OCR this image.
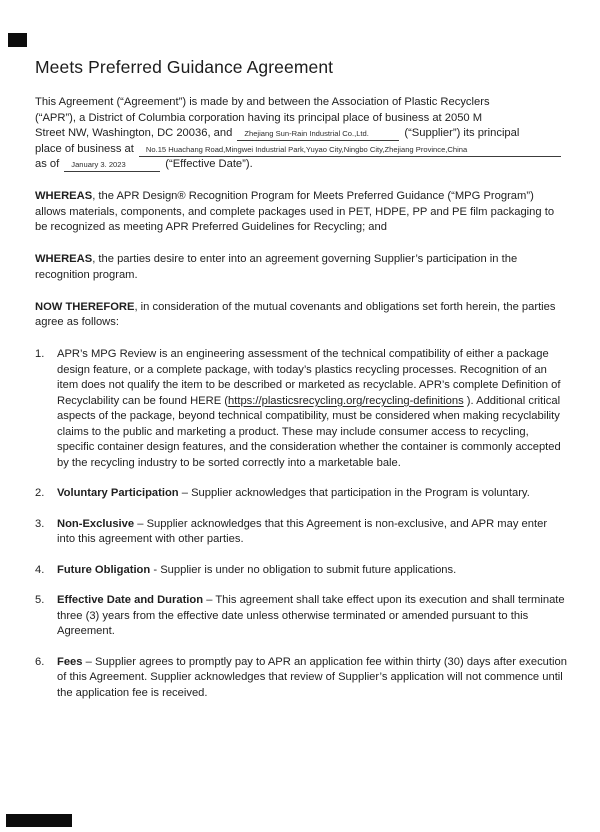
Meets Preferred Guidance Agreement

This Agreement (“Agreement”) is made by and between the Association of Plastic Recyclers
(“APR”), a District of Columbia corporation having its principal place of business at 2050 M
Street NW, Washington, DC 20036, and Zhejiang Sun-Rain Industrial Co.,Ltd.	(“Supplier”) its principal
place of business at	No.15 Huachang Road,Mingwei Industrial Park,Yuyao City,Ningbo City,Zhejiang Province,China
as of	January 3. 2023	(“Effective Date”).

WHEREAS, the APR Design® Recognition Program for Meets Preferred Guidance (“MPG Program”) allows materials, components, and complete packages used in PET, HDPE, PP and PE film packaging to be recognized as meeting APR Preferred Guidelines for Recycling; and

WHEREAS, the parties desire to enter into an agreement governing Supplier’s participation in the recognition program.

NOW THEREFORE, in consideration of the mutual covenants and obligations set forth herein, the parties agree as follows:

1.	APR’s MPG Review is an engineering assessment of the technical compatibility of either a package design feature, or a complete package, with today’s plastics recycling processes. Recognition of an item does not qualify the item to be described or marketed as recyclable. APR’s complete Definition of Recyclability can be found HERE (https://plasticsrecycling.org/recycling-definitions ). Additional critical aspects of the package, beyond technical compatibility, must be considered when making recyclability claims to the public and marketing a product. These may include consumer access to recycling, specific container design features, and the consideration whether the container is commonly accepted by the recycling industry to be sorted correctly into a marketable bale.
2.	Voluntary Participation – Supplier acknowledges that participation in the Program is voluntary.
3.	Non-Exclusive – Supplier acknowledges that this Agreement is non-exclusive, and APR may enter into this agreement with other parties.
4.	Future Obligation - Supplier is under no obligation to submit future applications.
5.	Effective Date and Duration – This agreement shall take effect upon its execution and shall terminate three (3) years from the effective date unless otherwise terminated or amended pursuant to this Agreement.
6.	Fees – Supplier agrees to promptly pay to APR an application fee within thirty (30) days after execution of this Agreement. Supplier acknowledges that review of Supplier’s application will not commence until the application fee is received.
